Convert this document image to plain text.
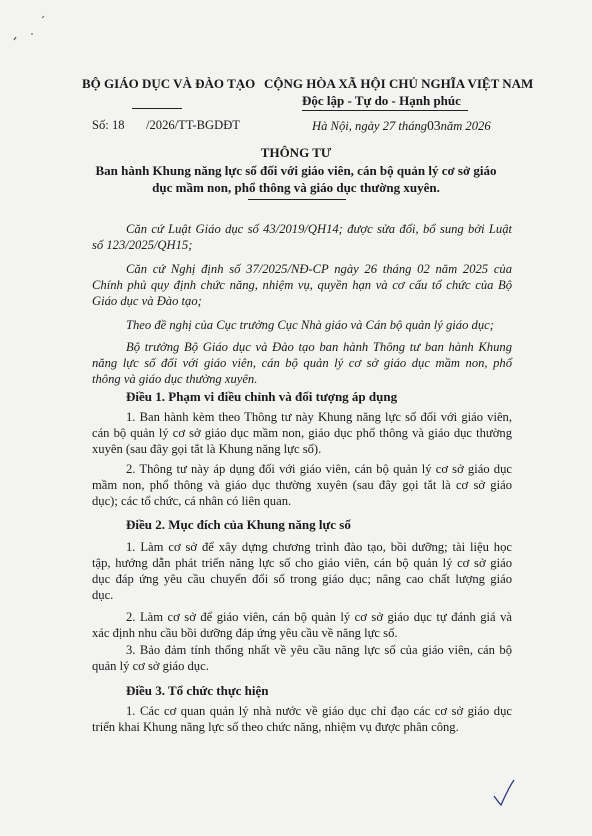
BỘ GIÁO DỤC VÀ ĐÀO TẠO CỘNG HÒA XÃ HỘI CHỦ NGHĨA VIỆT NAM
Độc lập - Tự do - Hạnh phúc
Số: 18 /2026/TT-BGDĐT	Hà Nội, ngày 27 tháng03năm 2026
THÔNG TƯ
Ban hành Khung năng lực số đối với giáo viên, cán bộ quản lý cơ sở giáo
dục mầm non, phổ thông và giáo dục thường xuyên.
Căn cứ Luật Giáo dục số 43/2019/QH14; được sửa đổi, bổ sung bởi Luật
số 123/2025/QH15;
Căn cứ Nghị định số 37/2025/NĐ-CP ngày 26 tháng 02 năm 2025 của
Chính phủ quy định chức năng, nhiệm vụ, quyền hạn và cơ cấu tổ chức của Bộ
Giáo dục và Đào tạo;
Theo đề nghị của Cục trưởng Cục Nhà giáo và Cán bộ quản lý giáo dục;
Bộ trưởng Bộ Giáo dục và Đào tạo ban hành Thông tư ban hành Khung
năng lực số đối với giáo viên, cán bộ quản lý cơ sở giáo dục mầm non, phổ
thông và giáo dục thường xuyên.
Điều 1. Phạm vi điều chỉnh và đối tượng áp dụng
1. Ban hành kèm theo Thông tư này Khung năng lực số đối với giáo viên,
cán bộ quản lý cơ sở giáo dục mầm non, giáo dục phổ thông và giáo dục thường
xuyên (sau đây gọi tắt là Khung năng lực số).
2. Thông tư này áp dụng đối với giáo viên, cán bộ quản lý cơ sở giáo dục
mầm non, phổ thông và giáo dục thường xuyên (sau đây gọi tắt là cơ sở giáo
dục); các tổ chức, cá nhân có liên quan.
Điều 2. Mục đích của Khung năng lực số
1. Làm cơ sở để xây dựng chương trình đào tạo, bồi dưỡng; tài liệu học
tập, hướng dẫn phát triển năng lực số cho giáo viên, cán bộ quản lý cơ sở giáo
dục đáp ứng yêu cầu chuyển đổi số trong giáo dục; nâng cao chất lượng giáo
dục.
2. Làm cơ sở để giáo viên, cán bộ quản lý cơ sở giáo dục tự đánh giá và
xác định nhu cầu bồi dưỡng đáp ứng yêu cầu về năng lực số.
3. Bảo đảm tính thống nhất về yêu cầu năng lực số của giáo viên, cán bộ
quản lý cơ sở giáo dục.
Điều 3. Tổ chức thực hiện
1. Các cơ quan quản lý nhà nước về giáo dục chỉ đạo các cơ sở giáo dục
triển khai Khung năng lực số theo chức năng, nhiệm vụ được phân công.
